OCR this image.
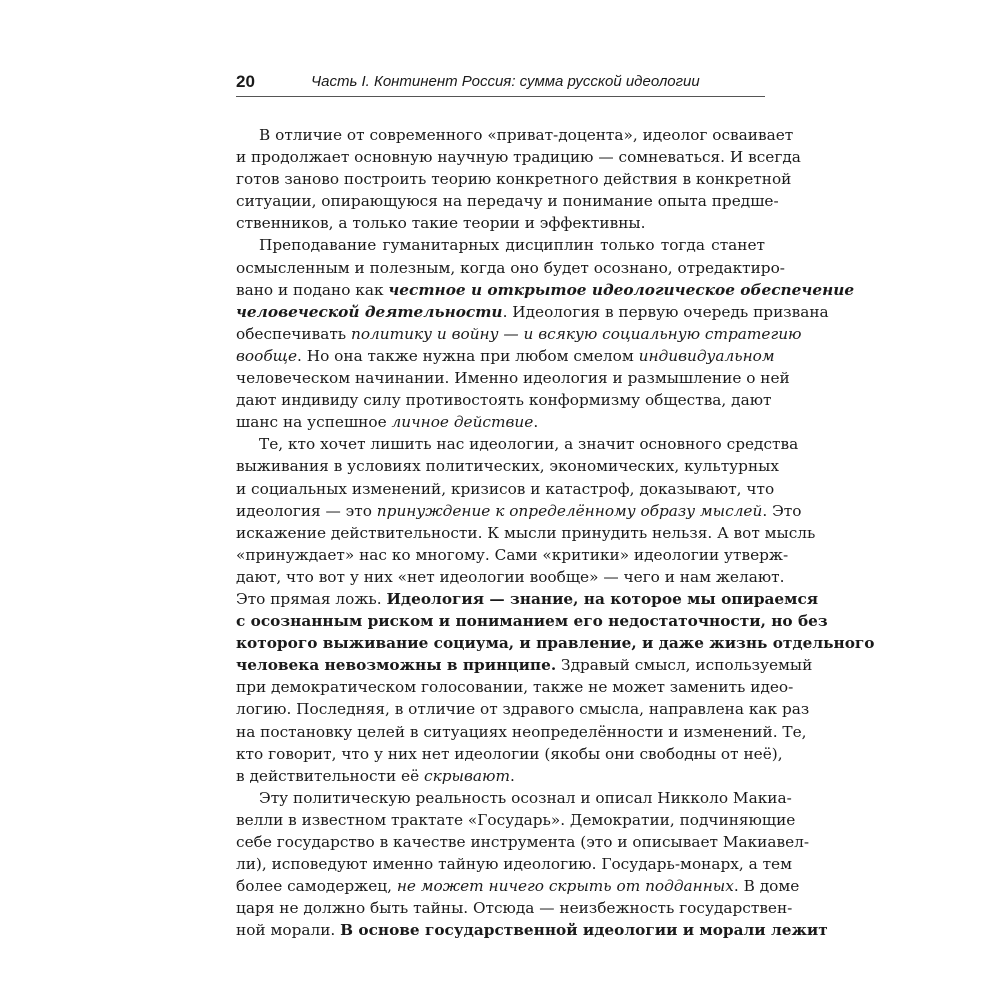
20	Часть I. Континент Россия: сумма русской идеологии
В отличие от современного «приват-доцента», идеолог осваивает
и продолжает основную научную традицию — сомневаться. И всегда
готов заново построить теорию конкретного действия в конкретной
ситуации, опирающуюся на передачу и понимание опыта предше-
ственников, а только такие теории и эффективны.
Преподавание гуманитарных дисциплин только тогда станет
осмысленным и полезным, когда оно будет осознано, отредактиро-
вано и подано как честное и открытое идеологическое обеспечение
человеческой деятельности. Идеология в первую очередь призвана
обеспечивать политику и войну — и всякую социальную стратегию
вообще. Но она также нужна при любом смелом индивидуальном
человеческом начинании. Именно идеология и размышление о ней
дают индивиду силу противостоять конформизму общества, дают
шанс на успешное личное действие.
Те, кто хочет лишить нас идеологии, а значит основного средства
выживания в условиях политических, экономических, культурных
и социальных изменений, кризисов и катастроф, доказывают, что
идеология — это принуждение к определённому образу мыслей. Это
искажение действительности. К мысли принудить нельзя. А вот мысль
«принуждает» нас ко многому. Сами «критики» идеологии утверж-
дают, что вот у них «нет идеологии вообще» — чего и нам желают.
Это прямая ложь. Идеология — знание, на которое мы опираемся
с осознанным риском и пониманием его недостаточности, но без
которого выживание социума, и правление, и даже жизнь отдельного
человека невозможны в принципе. Здравый смысл, используемый
при демократическом голосовании, также не может заменить идео-
логию. Последняя, в отличие от здравого смысла, направлена как раз
на постановку целей в ситуациях неопределённости и изменений. Те,
кто говорит, что у них нет идеологии (якобы они свободны от неё),
в действительности её скрывают.
Эту политическую реальность осознал и описал Никколо Макиа-
велли в известном трактате «Государь». Демократии, подчиняющие
себе государство в качестве инструмента (это и описывает Макиавел-
ли), исповедуют именно тайную идеологию. Государь-монарх, а тем
более самодержец, не может ничего скрыть от подданных. В доме
царя не должно быть тайны. Отсюда — неизбежность государствен-
ной морали. В основе государственной идеологии и морали лежит
